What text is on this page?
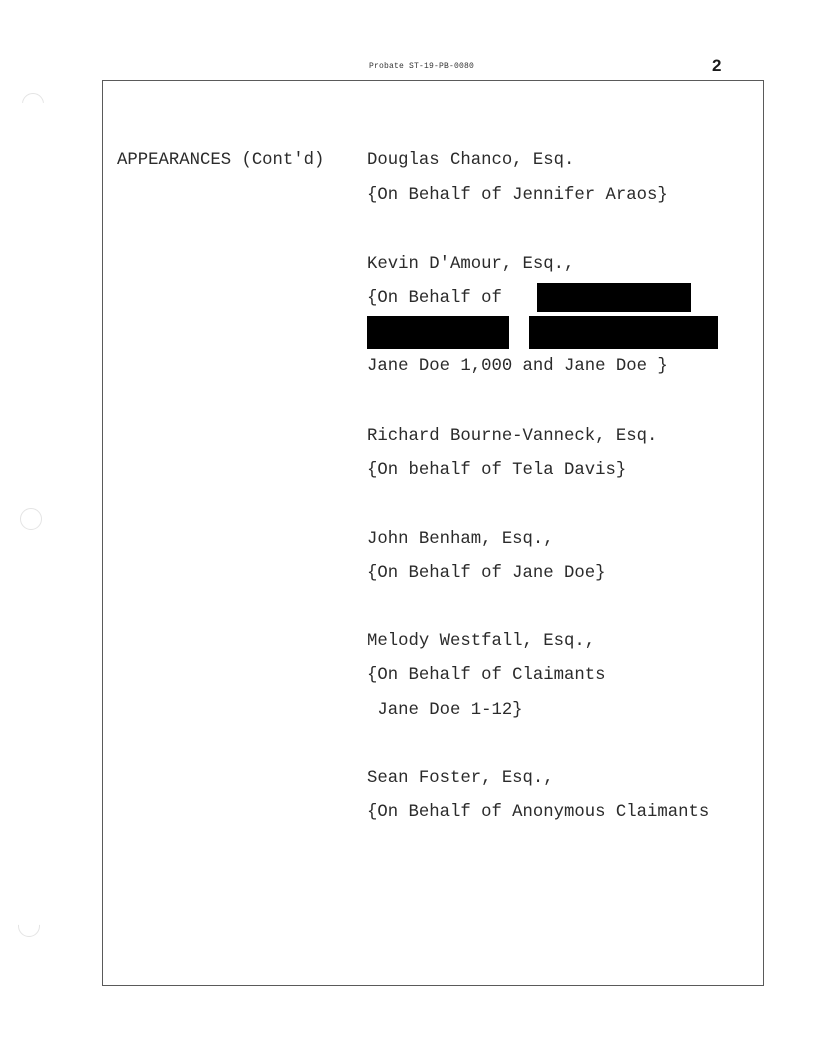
Probate ST-19-PB-0080	2
APPEARANCES (Cont'd) Douglas Chanco, Esq.
{On Behalf of Jennifer Araos}
Kevin D'Amour, Esq.,
{On Behalf of
Jane Doe 1,000 and Jane Doe }
Richard Bourne-Vanneck, Esq.
{On behalf of Tela Davis}
John Benham, Esq.,
{On Behalf of Jane Doe}
Melody Westfall, Esq.,
{On Behalf of Claimants
Jane Doe 1-12}
Sean Foster, Esq.,
{On Behalf of Anonymous Claimants
